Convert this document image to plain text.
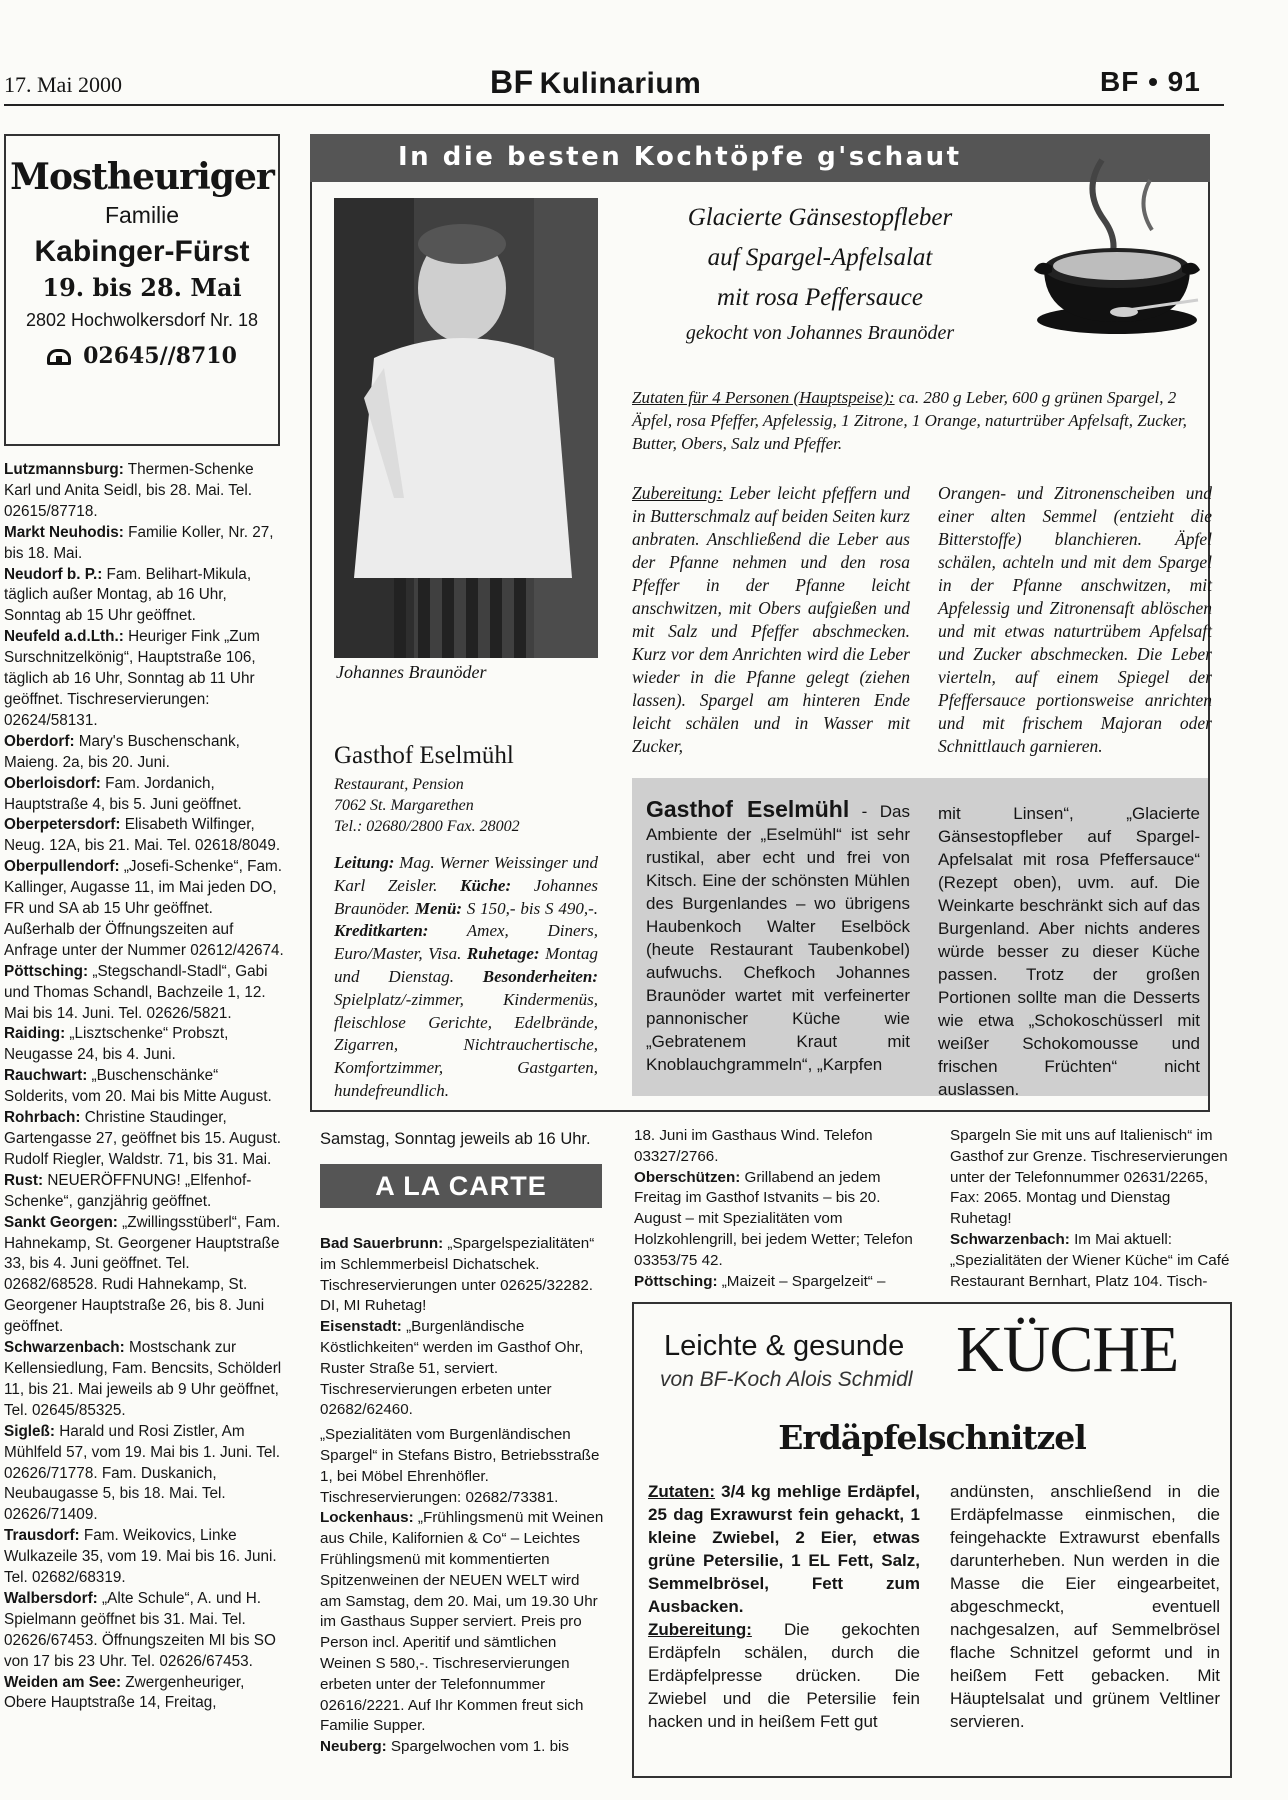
17. Mai 2000	BF Kulinarium	BF • 91
Mostheuriger
Familie
Kabinger-Fürst
19. bis 28. Mai
2802 Hochwolkersdorf Nr. 18
02645//8710

Lutzmannsburg: Thermen-Schenke Karl und Anita Seidl, bis 28. Mai. Tel. 02615/87718.

Markt Neuhodis: Familie Koller, Nr. 27, bis 18. Mai.

Neudorf b. P.: Fam. Belihart-Mikula, täglich außer Montag, ab 16 Uhr, Sonntag ab 15 Uhr geöffnet.

Neufeld a.d.Lth.: Heuriger Fink „Zum Surschnitzelkönig“, Hauptstraße 106, täglich ab 16 Uhr, Sonntag ab 11 Uhr geöffnet. Tischreservierungen: 02624/58131.

Oberdorf: Mary's Buschenschank, Maieng. 2a, bis 20. Juni.

Oberloisdorf: Fam. Jordanich, Hauptstraße 4, bis 5. Juni geöffnet.

Oberpetersdorf: Elisabeth Wilfinger, Neug. 12A, bis 21. Mai. Tel. 02618/8049.

Oberpullendorf: „Josefi-Schenke“, Fam. Kallinger, Augasse 11, im Mai jeden DO, FR und SA ab 15 Uhr geöffnet. Außerhalb der Öffnungszeiten auf Anfrage unter der Nummer 02612/42674.

Pöttsching: „Stegschandl-Stadl“, Gabi und Thomas Schandl, Bachzeile 1, 12. Mai bis 14. Juni. Tel. 02626/5821.

Raiding: „Lisztschenke“ Probszt, Neugasse 24, bis 4. Juni.

Rauchwart: „Buschenschänke“ Solderits, vom 20. Mai bis Mitte August.

Rohrbach: Christine Staudinger, Gartengasse 27, geöffnet bis 15. August. Rudolf Riegler, Waldstr. 71, bis 31. Mai.

Rust: NEUERÖFFNUNG! „Elfenhof-Schenke“, ganzjährig geöffnet.

Sankt Georgen: „Zwillingsstüberl“, Fam. Hahnekamp, St. Georgener Hauptstraße 33, bis 4. Juni geöffnet. Tel. 02682/68528. Rudi Hahnekamp, St. Georgener Hauptstraße 26, bis 8. Juni geöffnet.

Schwarzenbach: Mostschank zur Kellensiedlung, Fam. Bencsits, Schölderl 11, bis 21. Mai jeweils ab 9 Uhr geöffnet, Tel. 02645/85325.

Sigleß: Harald und Rosi Zistler, Am Mühlfeld 57, vom 19. Mai bis 1. Juni. Tel. 02626/71778. Fam. Duskanich, Neubaugasse 5, bis 18. Mai. Tel. 02626/71409.

Trausdorf: Fam. Weikovics, Linke Wulkazeile 35, vom 19. Mai bis 16. Juni. Tel. 02682/68319.

Walbersdorf: „Alte Schule“, A. und H. Spielmann geöffnet bis 31. Mai. Tel. 02626/67453. Öffnungszeiten MI bis SO von 17 bis 23 Uhr. Tel. 02626/67453.

Weiden am See: Zwergenheuriger, Obere Hauptstraße 14, Freitag,

In die besten Kochtöpfe g'schaut
Johannes Braunöder
Gasthof Eselmühl
Restaurant, Pension
7062 St. Margarethen
Tel.: 02680/2800 Fax. 28002
Leitung: Mag. Werner Weissinger und Karl Zeisler. Küche: Johannes Braunöder. Menü: S 150,- bis S 490,-. Kreditkarten: Amex, Diners, Euro/Master, Visa. Ruhetage: Montag und Dienstag. Besonderheiten: Spielplatz/-zimmer, Kindermenüs, fleischlose Gerichte, Edelbrände, Zigarren, Nichtrauchertische, Komfortzimmer, Gastgarten, hundefreundlich.
Glacierte Gänsestopfleber
auf Spargel-Apfelsalat
mit rosa Peffersauce
gekocht von Johannes Braunöder
Zutaten für 4 Personen (Hauptspeise): ca. 280 g Leber, 600 g grünen Spargel, 2 Äpfel, rosa Pfeffer, Apfelessig, 1 Zitrone, 1 Orange, naturtrüber Apfelsaft, Zucker, Butter, Obers, Salz und Pfeffer.
Zubereitung: Leber leicht pfeffern und in Butterschmalz auf beiden Seiten kurz anbraten. Anschließend die Leber aus der Pfanne nehmen und den rosa Pfeffer in der Pfanne leicht anschwitzen, mit Obers aufgießen und mit Salz und Pfeffer abschmecken. Kurz vor dem Anrichten wird die Leber wieder in die Pfanne gelegt (ziehen lassen). Spargel am hinteren Ende leicht schälen und in Wasser mit Zucker,
Orangen- und Zitronenscheiben und einer alten Semmel (entzieht die Bitterstoffe) blanchieren. Äpfel schälen, achteln und mit dem Spargel in der Pfanne anschwitzen, mit Apfelessig und Zitronensaft ablöschen und mit etwas naturtrübem Apfelsaft und Zucker abschmecken. Die Leber vierteln, auf einem Spiegel der Pfeffersauce portionsweise anrichten und mit frischem Majoran oder Schnittlauch garnieren.
Gasthof Eselmühl - Das Ambiente der „Eselmühl“ ist sehr rustikal, aber echt und frei von Kitsch. Eine der schönsten Mühlen des Burgenlandes – wo übrigens Haubenkoch Walter Eselböck (heute Restaurant Taubenkobel) aufwuchs. Chefkoch Johannes Braunöder wartet mit verfeinerter pannonischer Küche wie „Gebratenem Kraut mit Knoblauchgrammeln“, „Karpfen
mit Linsen“, „Glacierte Gänsestopfleber auf Spargel-Apfelsalat mit rosa Pfeffersauce“ (Rezept oben), uvm. auf. Die Weinkarte beschränkt sich auf das Burgenland. Aber nichts anderes würde besser zu dieser Küche passen. Trotz der großen Portionen sollte man die Desserts wie etwa „Schokoschüsserl mit weißer Schokomousse und frischen Früchten“ nicht auslassen.
Samstag, Sonntag jeweils ab 16 Uhr.
A LA CARTE

Bad Sauerbrunn: „Spargelspezialitäten“ im Schlemmerbeisl Dichatschek. Tischreservierungen unter 02625/32282. DI, MI Ruhetag!

Eisenstadt: „Burgenländische Köstlichkeiten“ werden im Gasthof Ohr, Ruster Straße 51, serviert. Tischreservierungen erbeten unter 02682/62460.

„Spezialitäten vom Burgenländischen Spargel“ in Stefans Bistro, Betriebsstraße 1, bei Möbel Ehrenhöfler. Tischreservierungen: 02682/73381.

Lockenhaus: „Frühlingsmenü mit Weinen aus Chile, Kalifornien & Co“ – Leichtes Frühlingsmenü mit kommentierten Spitzenweinen der NEUEN WELT wird am Samstag, dem 20. Mai, um 19.30 Uhr im Gasthaus Supper serviert. Preis pro Person incl. Aperitif und sämtlichen Weinen S 580,-. Tischreservierungen erbeten unter der Telefonnummer 02616/2221. Auf Ihr Kommen freut sich Familie Supper.

Neuberg: Spargelwochen vom 1. bis

18. Juni im Gasthaus Wind. Telefon 03327/2766.

Oberschützen: Grillabend an jedem Freitag im Gasthof Istvanits – bis 20. August – mit Spezialitäten vom Holzkohlengrill, bei jedem Wetter; Telefon 03353/75 42.

Pöttsching: „Maizeit – Spargelzeit“ –

Spargeln Sie mit uns auf Italienisch“ im Gasthof zur Grenze. Tischreservierungen unter der Telefonnummer 02631/2265, Fax: 2065. Montag und Dienstag Ruhetag!

Schwarzenbach: Im Mai aktuell: „Spezialitäten der Wiener Küche“ im Café Restaurant Bernhart, Platz 104. Tisch-

Leichte & gesunde
von BF-Koch Alois Schmidl KÜCHE
Erdäpfelschnitzel
Zutaten: 3/4 kg mehlige Erdäpfel, 25 dag Exrawurst fein gehackt, 1 kleine Zwiebel, 2 Eier, etwas grüne Petersilie, 1 EL Fett, Salz, Semmelbrösel, Fett zum Ausbacken.
Zubereitung: Die gekochten Erdäpfeln schälen, durch die Erdäpfelpresse drücken. Die Zwiebel und die Petersilie fein hacken und in heißem Fett gut
andünsten, anschließend in die Erdäpfelmasse einmischen, die feingehackte Extrawurst ebenfalls darunterheben. Nun werden in die Masse die Eier eingearbeitet, abgeschmeckt, eventuell nachgesalzen, auf Semmelbrösel flache Schnitzel geformt und in heißem Fett gebacken. Mit Häuptelsalat und grünem Veltliner servieren.
